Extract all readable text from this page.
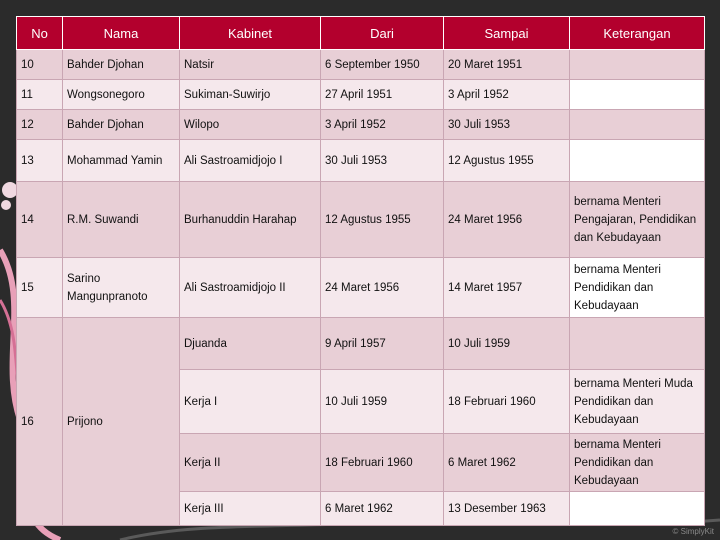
No	Nama	Kabinet	Dari	Sampai	Keterangan
10	Bahder Djohan	Natsir	6 September 1950	20 Maret 1951	
11	Wongsonegoro	Sukiman-Suwirjo	27 April 1951	3 April 1952	
12	Bahder Djohan	Wilopo	3 April 1952	30 Juli 1953	
13	Mohammad Yamin	Ali Sastroamidjojo I	30 Juli 1953	12 Agustus 1955	
14	R.M. Suwandi	Burhanuddin Harahap	12 Agustus 1955	24 Maret 1956	bernama Menteri Pengajaran, Pendidikan dan Kebudayaan
15	Sarino Mangunpranoto	Ali Sastroamidjojo II	24 Maret 1956	14 Maret 1957	bernama Menteri Pendidikan dan Kebudayaan
16	Prijono	Djuanda	9 April 1957	10 Juli 1959	
		Kerja I	10 Juli 1959	18 Februari 1960	bernama Menteri Muda Pendidikan dan Kebudayaan
		Kerja II	18 Februari 1960	6 Maret 1962	bernama Menteri Pendidikan dan Kebudayaan
		Kerja III	6 Maret 1962	13 Desember 1963	
© SimplyKit
